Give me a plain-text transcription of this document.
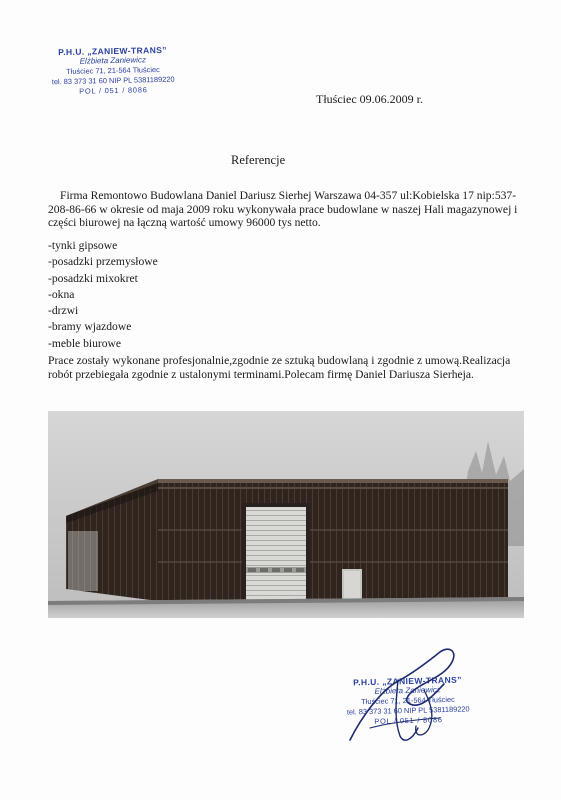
P.H.U. „ZANIEW-TRANS”
Elżbieta Zaniewicz
Tłuściec 71, 21-564 Tłuściec
tel. 83 373 31 60 NIP PL 5381189220
POL / 051 / 8086
Tłuściec 09.06.2009 r.
Referencje
Firma Remontowo Budowlana Daniel Dariusz Sierhej Warszawa 04-357 ul:Kobielska 17 nip:537-208-86-66 w okresie od maja 2009 roku wykonywała prace budowlane w naszej Hali magazynowej i części biurowej na łączną wartość umowy 96000 tys netto.
-tynki gipsowe
-posadzki przemysłowe
-posadzki mixokret
-okna
-drzwi
-bramy wjazdowe
-meble biurowe
Prace zostały wykonane profesjonalnie,zgodnie ze sztuką budowlaną i zgodnie z umową.Realizacja robót przebiegała zgodnie z ustalonymi terminami.Polecam firmę Daniel Dariusza Sierheja.
P.H.U. „ZANIEW-TRANS”
Elżbieta Zaniewicz
Tłuściec 71, 21-564 Tłuściec
tel. 83 373 31 60 NIP PL 5381189220
POL / 051 / 8086
